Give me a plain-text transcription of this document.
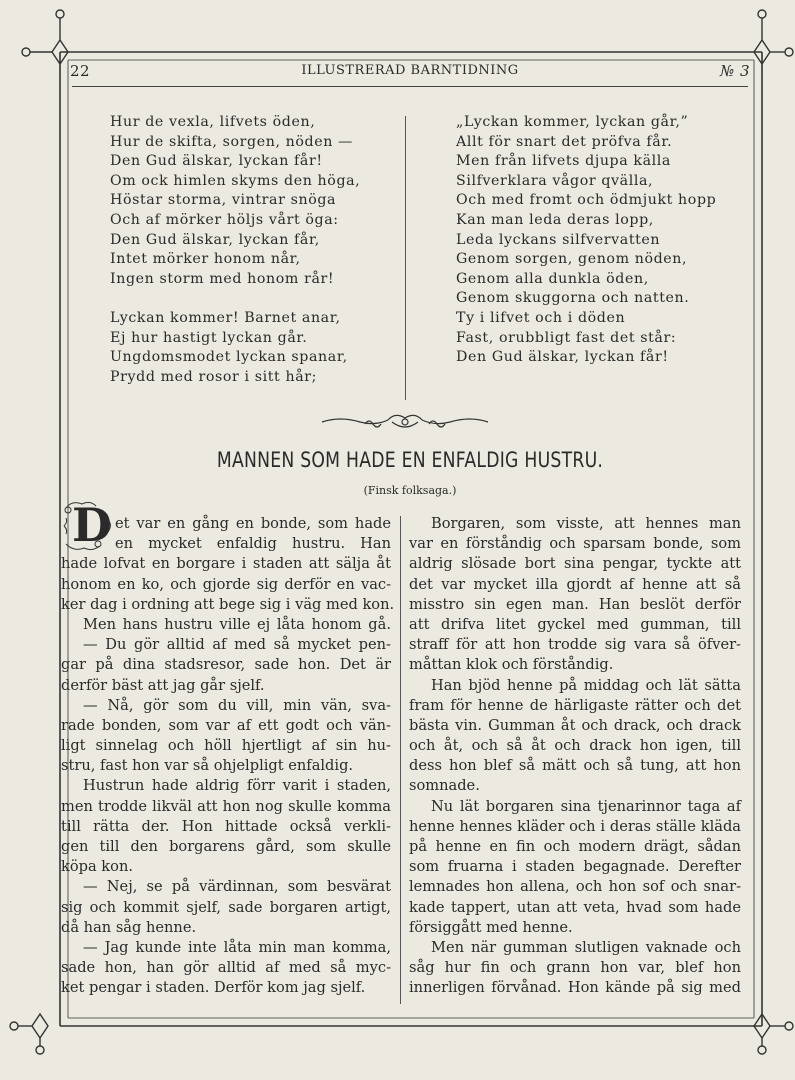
22	ILLUSTRERAD BARNTIDNING	№ 3
Hur de vexla, lifvets öden,
Hur de skifta, sorgen, nöden —
Den Gud älskar, lyckan får!
Om ock himlen skyms den höga,
Höstar storma, vintrar snöga
Och af mörker höljs vårt öga:
Den Gud älskar, lyckan får,
Intet mörker honom når,
Ingen storm med honom rår!
Lyckan kommer! Barnet anar,
Ej hur hastigt lyckan går.
Ungdomsmodet lyckan spanar,
Prydd med rosor i sitt hår;
„Lyckan kommer, lyckan går,”
Allt för snart det pröfva får.
Men från lifvets djupa källa
Silfverklara vågor qvälla,
Och med fromt och ödmjukt hopp
Kan man leda deras lopp,
Leda lyckans silfvervatten
Genom sorgen, genom nöden,
Genom alla dunkla öden,
Genom skuggorna och natten.
Ty i lifvet och i döden
Fast, orubbligt fast det står:
Den Gud älskar, lyckan får!
MANNEN SOM HADE EN ENFALDIG HUSTRU.
(Finsk folksaga.)
D et var en gång en bonde, som hade
en mycket enfaldig hustru. Han
hade lofvat en borgare i staden att sälja åt
honom en ko, och gjorde sig derför en vac-
ker dag i ordning att bege sig i väg med kon.
Men hans hustru ville ej låta honom gå.
— Du gör alltid af med så mycket pen-
gar på dina stadsresor, sade hon. Det är
derför bäst att jag går sjelf.
— Nå, gör som du vill, min vän, sva-
rade bonden, som var af ett godt och vän-
ligt sinnelag och höll hjertligt af sin hu-
stru, fast hon var så ohjelpligt enfaldig.
Hustrun hade aldrig förr varit i staden,
men trodde likväl att hon nog skulle komma
till rätta der. Hon hittade också verkli-
gen till den borgarens gård, som skulle
köpa kon.
— Nej, se på värdinnan, som besvärat
sig och kommit sjelf, sade borgaren artigt,
då han såg henne.
— Jag kunde inte låta min man komma,
sade hon, han gör alltid af med så myc-
ket pengar i staden. Derför kom jag sjelf.
Borgaren, som visste, att hennes man
var en förståndig och sparsam bonde, som
aldrig slösade bort sina pengar, tyckte att
det var mycket illa gjordt af henne att så
misstro sin egen man. Han beslöt derför
att drifva litet gyckel med gumman, till
straff för att hon trodde sig vara så öfver-
måttan klok och förståndig.
Han bjöd henne på middag och lät sätta
fram för henne de härligaste rätter och det
bästa vin. Gumman åt och drack, och drack
och åt, och så åt och drack hon igen, till
dess hon blef så mätt och så tung, att hon
somnade.
Nu lät borgaren sina tjenarinnor taga af
henne hennes kläder och i deras ställe kläda
på henne en fin och modern drägt, sådan
som fruarna i staden begagnade. Derefter
lemnades hon allena, och hon sof och snar-
kade tappert, utan att veta, hvad som hade
försiggått med henne.
Men när gumman slutligen vaknade och
såg hur fin och grann hon var, blef hon
innerligen förvånad. Hon kände på sig med
